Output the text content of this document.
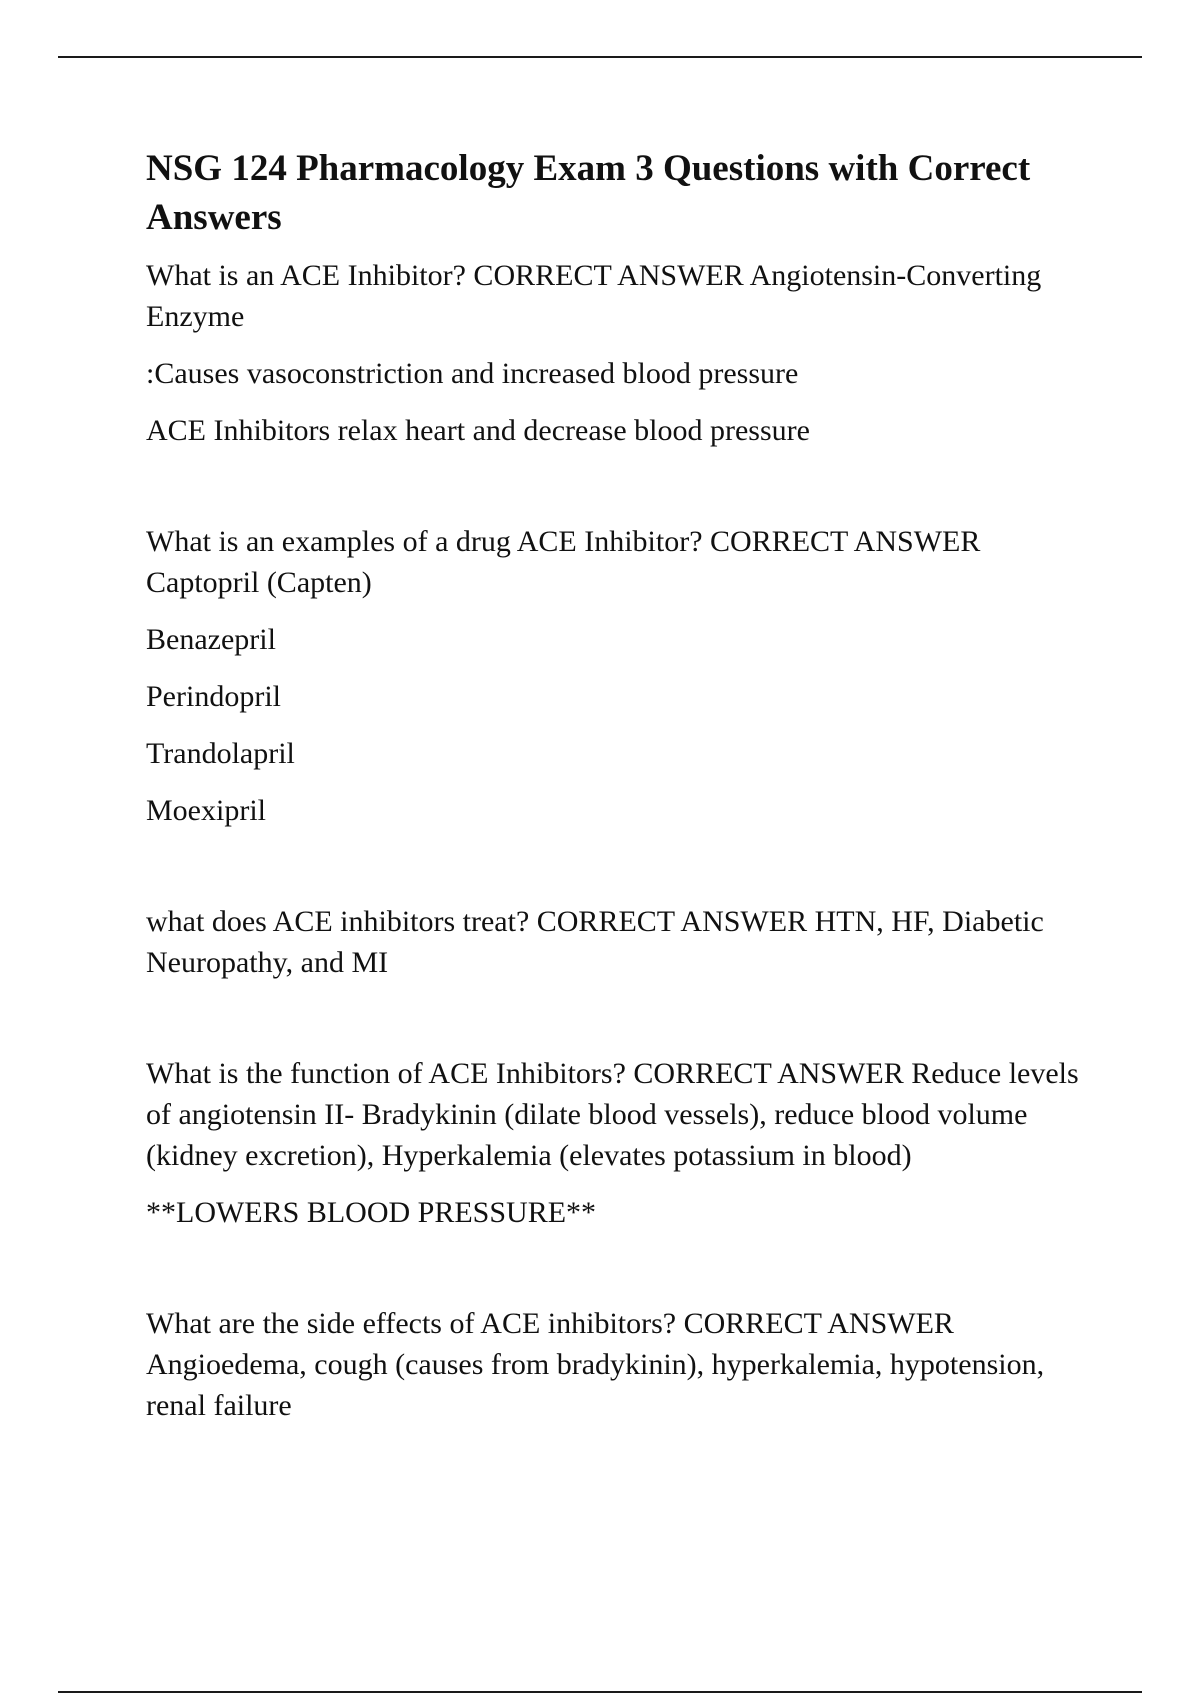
NSG 124 Pharmacology Exam 3 Questions with Correct Answers

What is an ACE Inhibitor? CORRECT ANSWER Angiotensin-Converting Enzyme

:Causes vasoconstriction and increased blood pressure

ACE Inhibitors relax heart and decrease blood pressure

What is an examples of a drug ACE Inhibitor? CORRECT ANSWER Captopril (Capten)

Benazepril

Perindopril

Trandolapril

Moexipril

what does ACE inhibitors treat? CORRECT ANSWER HTN, HF, Diabetic Neuropathy, and MI

What is the function of ACE Inhibitors? CORRECT ANSWER Reduce levels of angiotensin II- Bradykinin (dilate blood vessels), reduce blood volume (kidney excretion), Hyperkalemia (elevates potassium in blood)

**LOWERS BLOOD PRESSURE**

What are the side effects of ACE inhibitors? CORRECT ANSWER Angioedema, cough (causes from bradykinin), hyperkalemia, hypotension, renal failure
